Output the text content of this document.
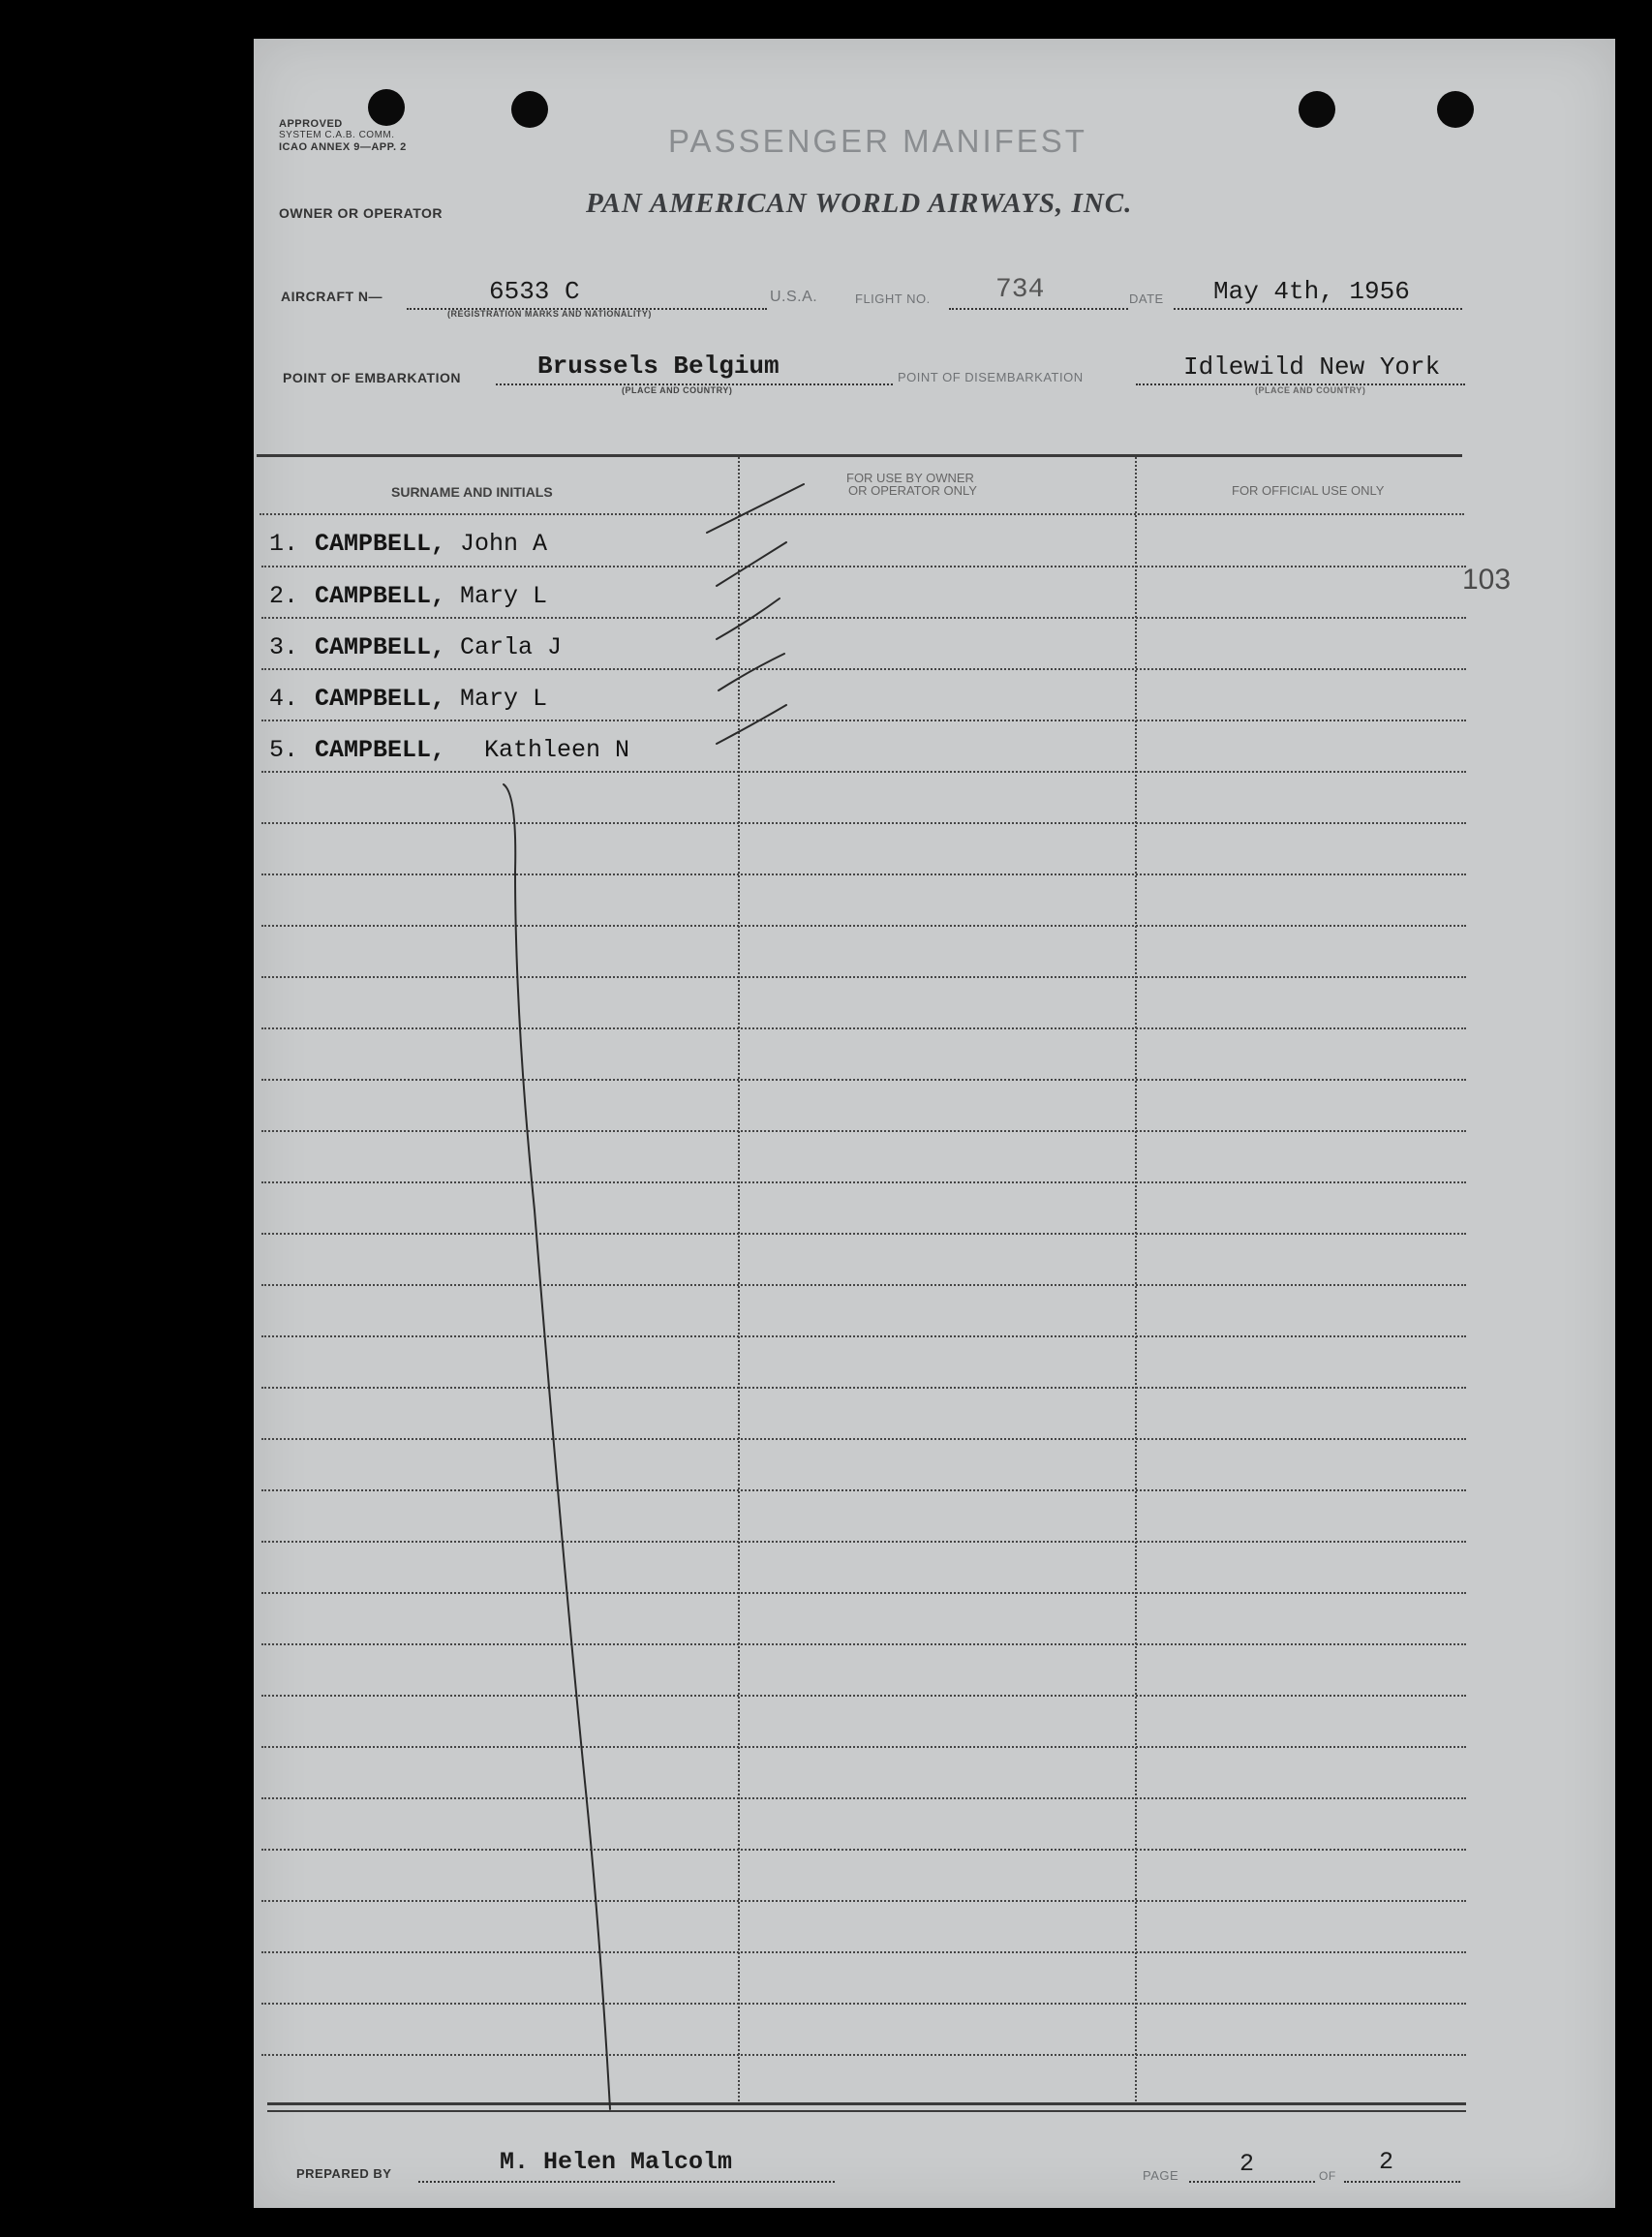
APPROVED
SYSTEM C.A.B. COMM.
ICAO ANNEX 9—APP. 2	PASSENGER MANIFEST
OWNER OR OPERATOR	PAN AMERICAN WORLD AIRWAYS, INC.
AIRCRAFT N—	6533 C
(REGISTRATION MARKS AND NATIONALITY)
U.S.A.	FLIGHT NO. 734	DATE May 4th, 1956
POINT OF EMBARKATION	Brussels Belgium
(PLACE AND COUNTRY)
POINT OF DISEMBARKATION	Idlewild New York
(PLACE AND COUNTRY)
SURNAME AND INITIALS
FOR USE BY OWNER
OR OPERATOR ONLY	FOR OFFICIAL USE ONLY
1. CAMPBELL, John A
2. CAMPBELL, Mary L
3. CAMPBELL, Carla J
4. CAMPBELL, Mary L
5. CAMPBELL, Kathleen N
103
PREPARED BY	M. Helen Malcolm	PAGE	2	OF 2
